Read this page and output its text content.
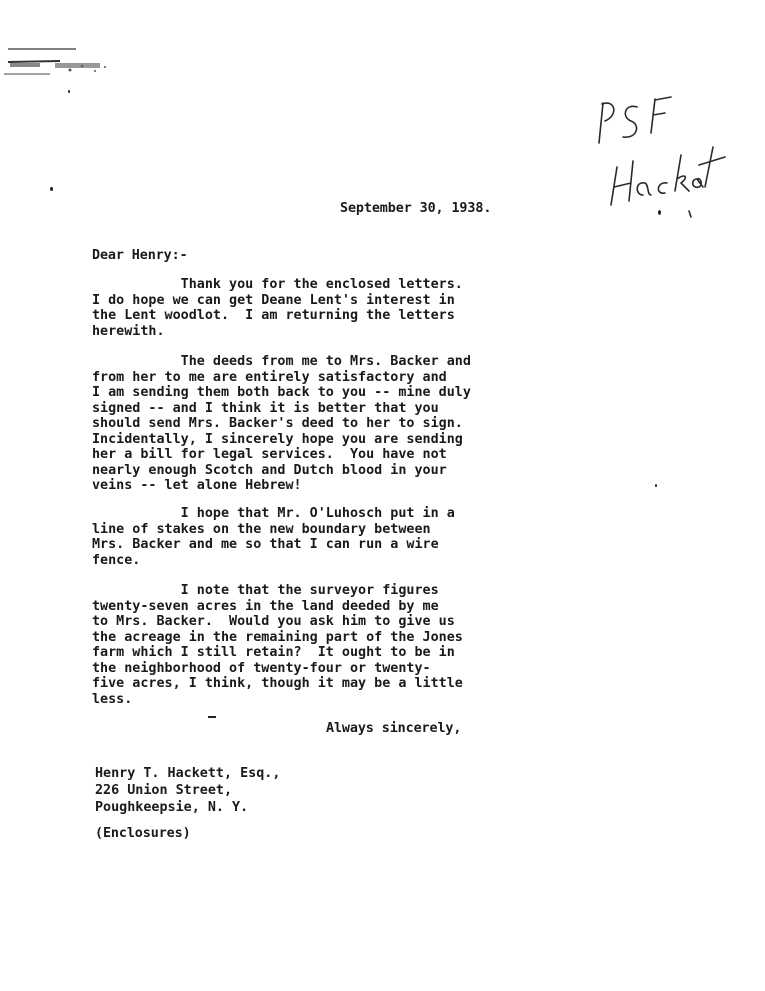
September 30, 1938.
Dear Henry:-
Thank you for the enclosed letters.
I do hope we can get Deane Lent's interest in
the Lent woodlot.  I am returning the letters
herewith.
The deeds from me to Mrs. Backer and
from her to me are entirely satisfactory and
I am sending them both back to you -- mine duly
signed -- and I think it is better that you
should send Mrs. Backer's deed to her to sign.
Incidentally, I sincerely hope you are sending
her a bill for legal services.  You have not
nearly enough Scotch and Dutch blood in your
veins -- let alone Hebrew!
I hope that Mr. O'Luhosch put in a
line of stakes on the new boundary between
Mrs. Backer and me so that I can run a wire
fence.
I note that the surveyor figures
twenty-seven acres in the land deeded by me
to Mrs. Backer.  Would you ask him to give us
the acreage in the remaining part of the Jones
farm which I still retain?  It ought to be in
the neighborhood of twenty-four or twenty-
five acres, I think, though it may be a little
less.
Always sincerely,
Henry T. Hackett, Esq.,
226 Union Street,
Poughkeepsie, N. Y.
(Enclosures)
